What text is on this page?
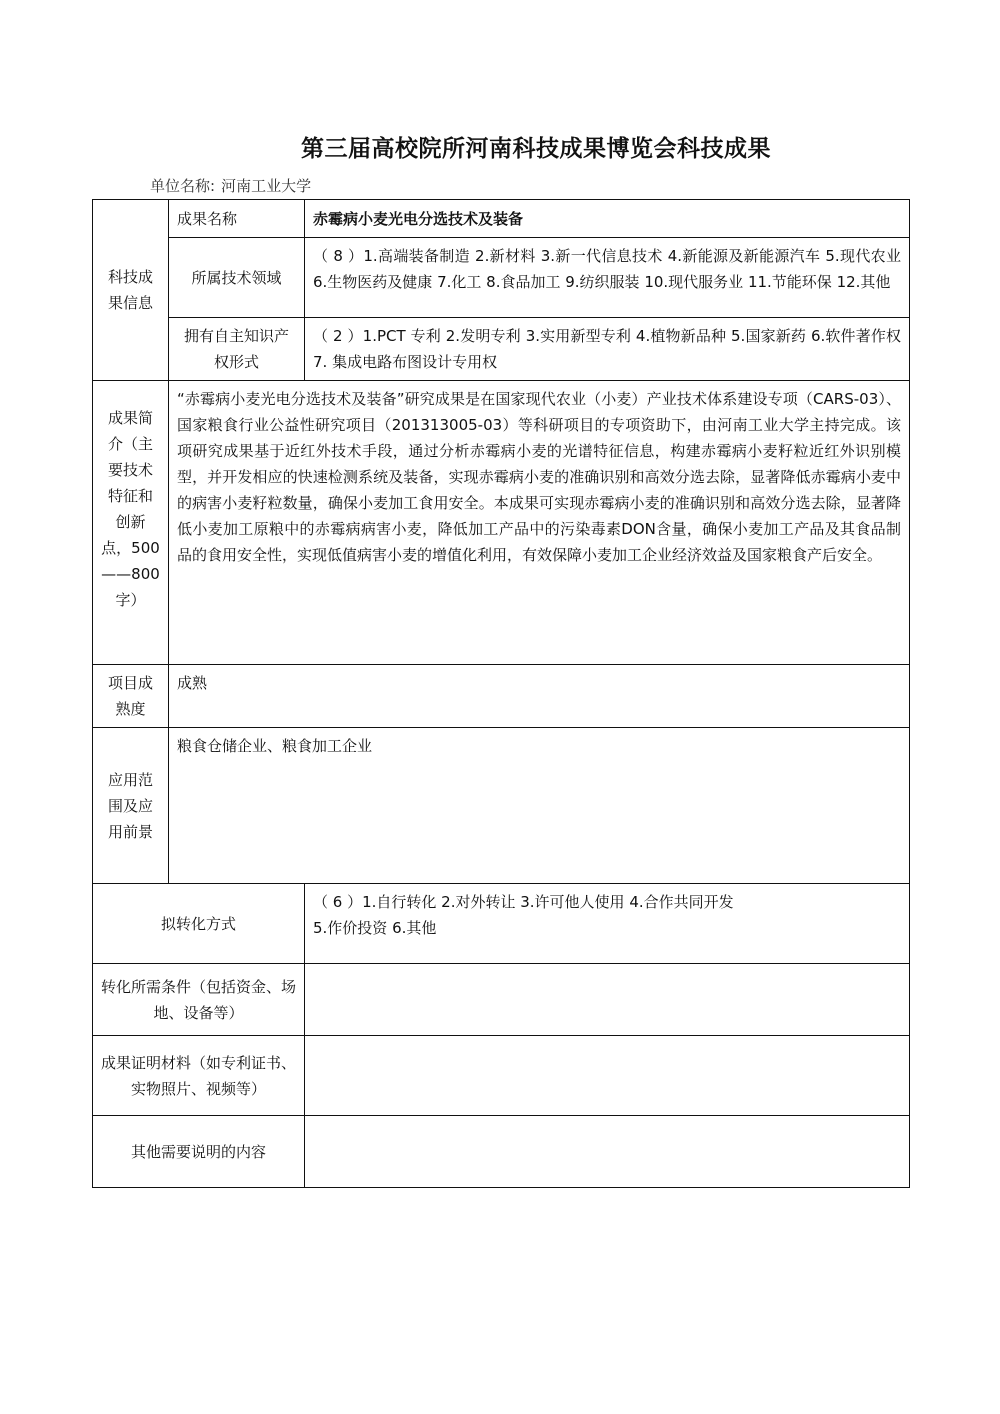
第三届高校院所河南科技成果博览会科技成果
单位名称: 河南工业大学
科技成果信息	成果名称	赤霉病小麦光电分选技术及装备
	所属技术领域	（ 8 ）1.高端装备制造 2.新材料 3.新一代信息技术 4.新能源及新能源汽车 5.现代农业 6.生物医药及健康 7.化工 8.食品加工 9.纺织服装 10.现代服务业 11.节能环保 12.其他
	拥有自主知识产权形式	（ 2 ）1.PCT 专利 2.发明专利 3.实用新型专利 4.植物新品种 5.国家新药 6.软件著作权 7. 集成电路布图设计专用权
成果简介（主要技术特征和创新点，500——800字）	“赤霉病小麦光电分选技术及装备”研究成果是在国家现代农业（小麦）产业技术体系建设专项（CARS-03）、国家粮食行业公益性研究项目（201313005-03）等科研项目的专项资助下，由河南工业大学主持完成。该项研究成果基于近红外技术手段，通过分析赤霉病小麦的光谱特征信息，构建赤霉病小麦籽粒近红外识别模型，并开发相应的快速检测系统及装备，实现赤霉病小麦的准确识别和高效分选去除，显著降低赤霉病小麦中的病害小麦籽粒数量，确保小麦加工食用安全。本成果可实现赤霉病小麦的准确识别和高效分选去除，显著降低小麦加工原粮中的赤霉病病害小麦，降低加工产品中的污染毒素DON含量，确保小麦加工产品及其食品制品的食用安全性，实现低值病害小麦的增值化利用，有效保障小麦加工企业经济效益及国家粮食产后安全。	
项目成熟度	成熟	
应用范围及应用前景	粮食仓储企业、粮食加工企业	
拟转化方式		（ 6 ）1.自行转化 2.对外转让 3.许可他人使用 4.合作共同开发
5.作价投资 6.其他
转化所需条件（包括资金、场地、设备等）		
成果证明材料（如专利证书、实物照片、视频等）		
其他需要说明的内容		
